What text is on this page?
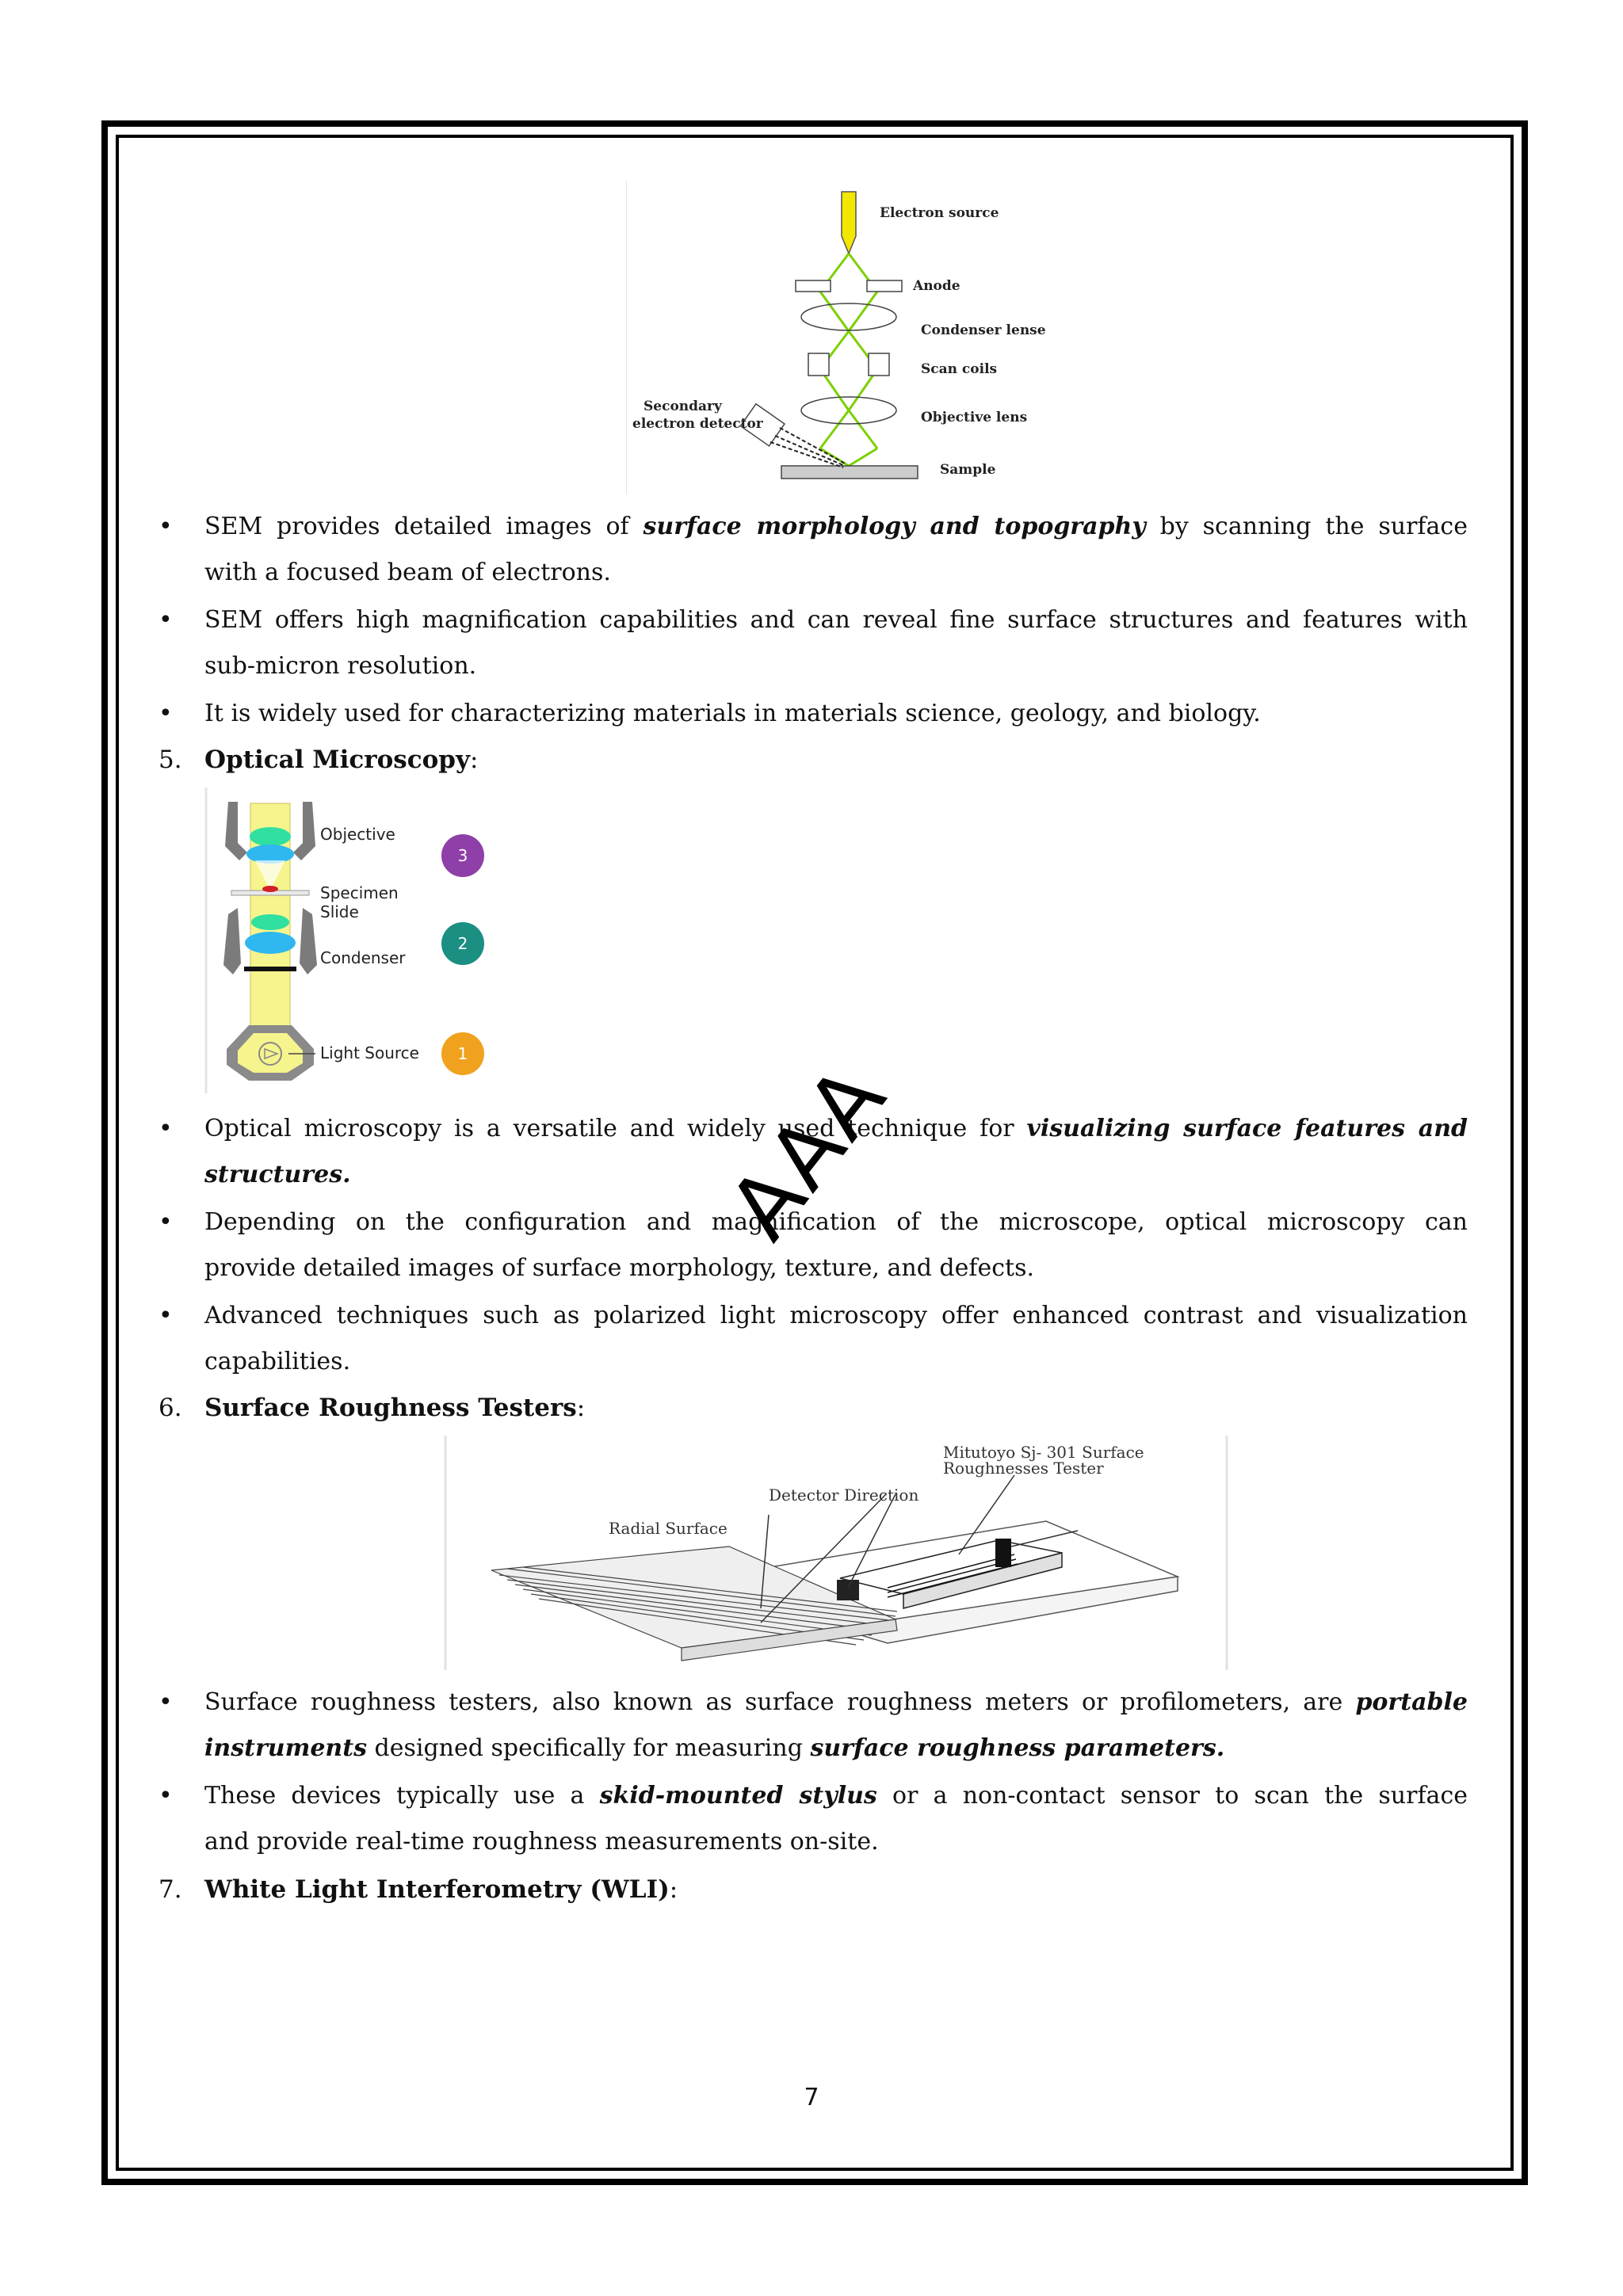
Electron source
Anode
Condenser lense
Scan coils
Objective lens
Secondary
electron detector
Sample
• SEM provides detailed images of surface morphology and topography by scanning the surface
with a focused beam of electrons.
• SEM offers high magnification capabilities and can reveal fine surface structures and features with
sub-micron resolution.
• It is widely used for characterizing materials in materials science, geology, and biology.
5. Optical Microscopy:
Objective
Specimen
Slide
Condenser
Light Source
3
2
1
• Optical microscopy is a versatile and widely used technique for visualizing surface features and
structures.
• Depending on the configuration and magnification of the microscope, optical microscopy can
provide detailed images of surface morphology, texture, and defects.
• Advanced techniques such as polarized light microscopy offer enhanced contrast and visualization
capabilities.
6. Surface Roughness Testers:
Mitutoyo Sj- 301 Surface
Roughnesses Tester
Detector Direction
Radial Surface
• Surface roughness testers, also known as surface roughness meters or profilometers, are portable
instruments designed specifically for measuring surface roughness parameters.
• These devices typically use a skid-mounted stylus or a non-contact sensor to scan the surface
and provide real-time roughness measurements on-site.
7. White Light Interferometry (WLI):
7
AAA
